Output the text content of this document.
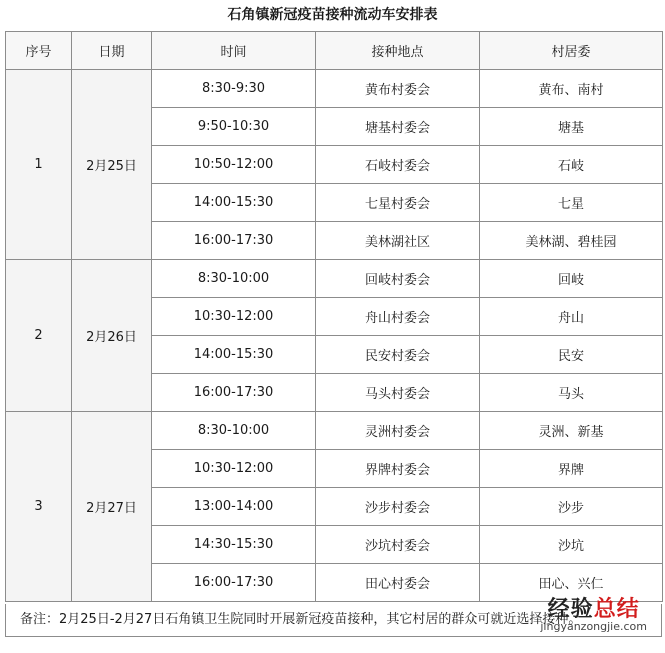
石角镇新冠疫苗接种流动车安排表
序号	日期	时间	接种地点	村居委
1	2月25日	8:30-9:30	黄布村委会	黄布、南村
		9:50-10:30	塘基村委会	塘基
		10:50-12:00	石岐村委会	石岐
		14:00-15:30	七星村委会	七星
		16:00-17:30	美林湖社区	美林湖、碧桂园
2	2月26日	8:30-10:00	回岐村委会	回岐
		10:30-12:00	舟山村委会	舟山
		14:00-15:30	民安村委会	民安
		16:00-17:30	马头村委会	马头
3	2月27日	8:30-10:00	灵洲村委会	灵洲、新基
		10:30-12:00	界牌村委会	界牌
		13:00-14:00	沙步村委会	沙步
		14:30-15:30	沙坑村委会	沙坑
		16:00-17:30	田心村委会	田心、兴仁
备注：2月25日-2月27日石角镇卫生院同时开展新冠疫苗接种，其它村居的群众可就近选择接种。
经验总结
jingyanzongjie.com
